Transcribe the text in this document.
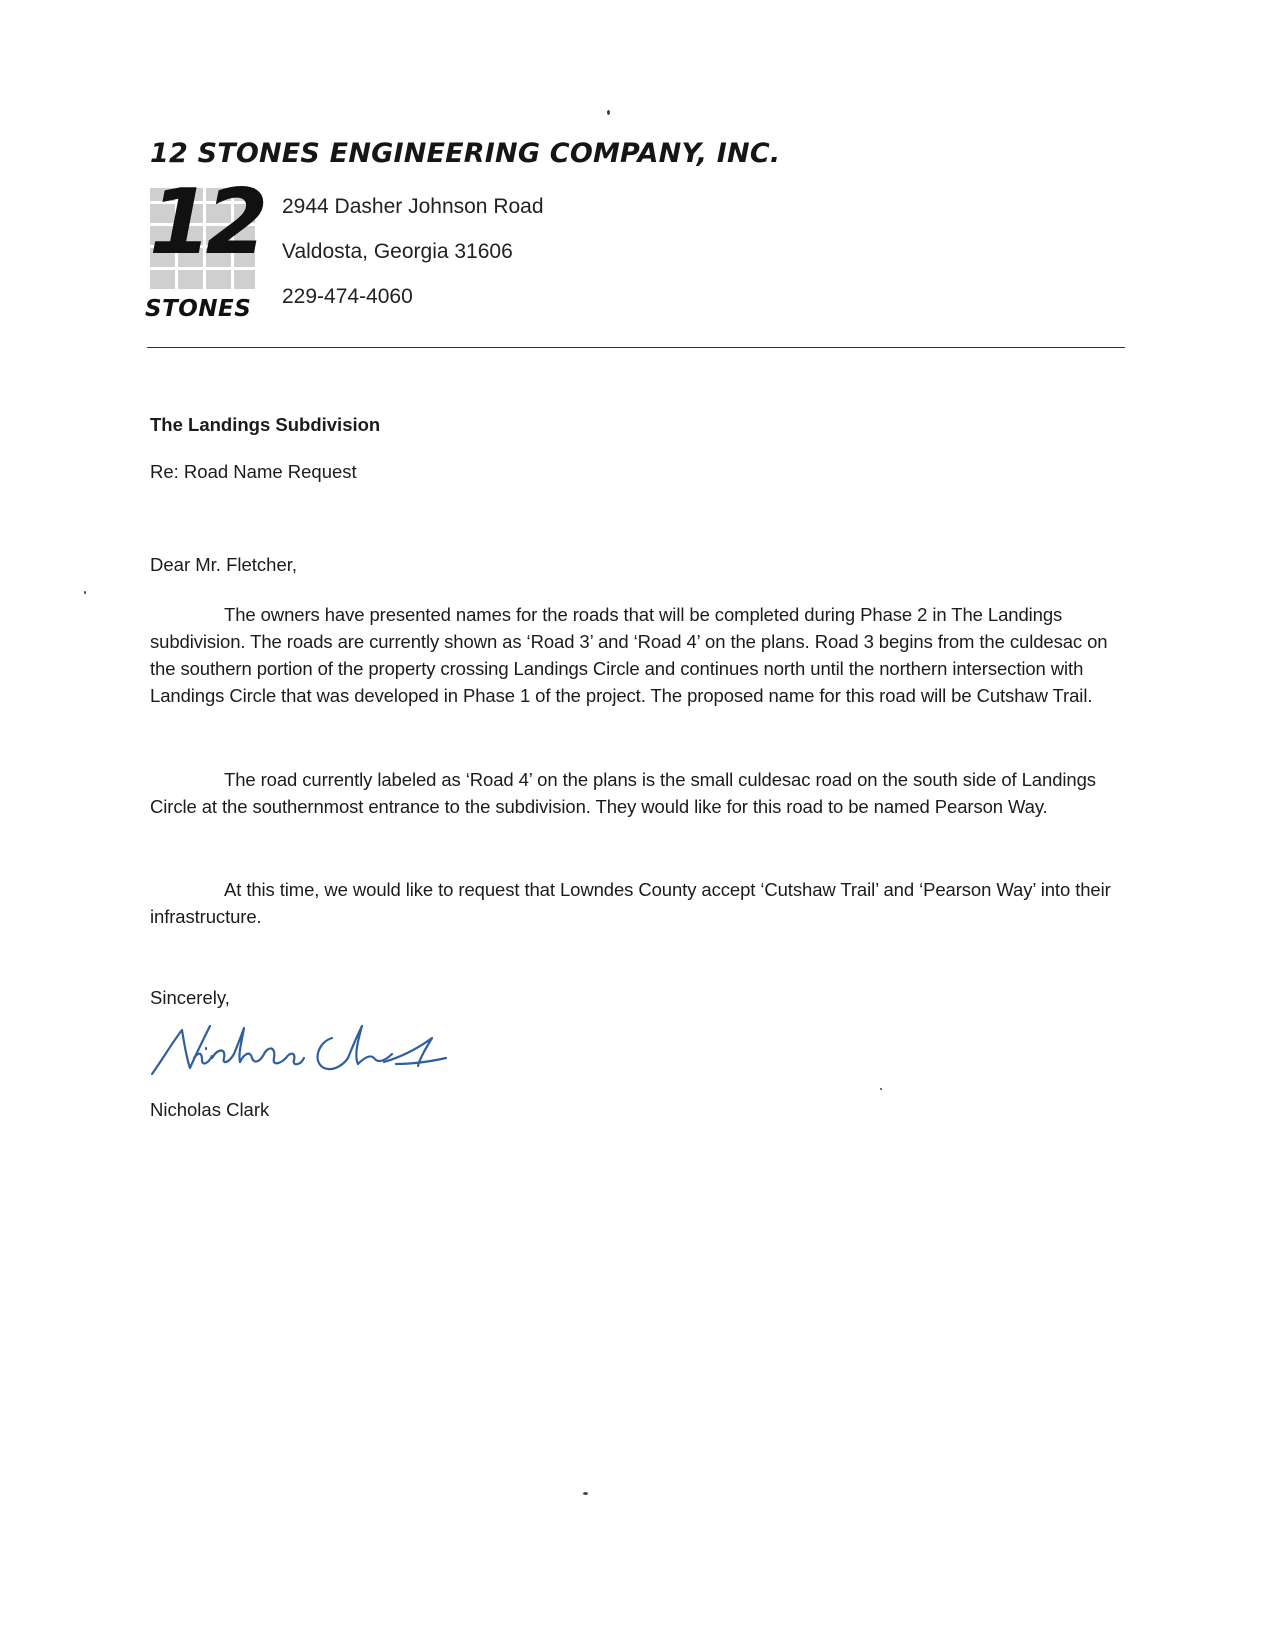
12 STONES ENGINEERING COMPANY, INC.
12
STONES
2944 Dasher Johnson Road
Valdosta, Georgia 31606
229-474-4060
The Landings Subdivision
Re: Road Name Request
Dear Mr. Fletcher,

The owners have presented names for the roads that will be completed during Phase 2 in The Landings subdivision. The roads are currently shown as ‘Road 3’ and ‘Road 4’ on the plans. Road 3 begins from the culdesac on the southern portion of the property crossing Landings Circle and continues north until the northern intersection with Landings Circle that was developed in Phase 1 of the project. The proposed name for this road will be Cutshaw Trail.

The road currently labeled as ‘Road 4’ on the plans is the small culdesac road on the south side of Landings Circle at the southernmost entrance to the subdivision. They would like for this road to be named Pearson Way.

At this time, we would like to request that Lowndes County accept ‘Cutshaw Trail’ and ‘Pearson Way’ into their infrastructure.

Sincerely,
Nicholas Clark
